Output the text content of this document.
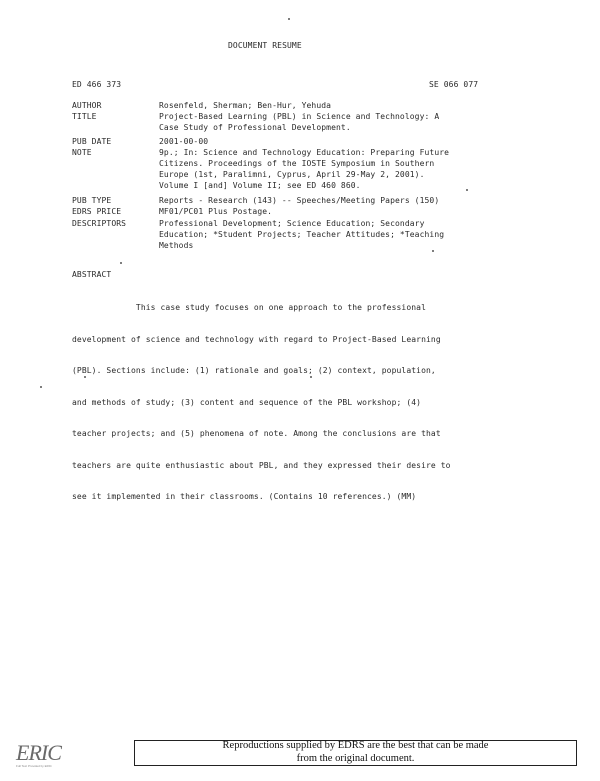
DOCUMENT RESUME
ED 466 373	SE 066 077
AUTHOR	Rosenfeld, Sherman; Ben-Hur, Yehuda
TITLE	Project-Based Learning (PBL) in Science and Technology: A
Case Study of Professional Development.
PUB DATE	2001-00-00
NOTE	9p.; In: Science and Technology Education: Preparing Future
Citizens. Proceedings of the IOSTE Symposium in Southern
Europe (1st, Paralimni, Cyprus, April 29-May 2, 2001).
Volume I [and] Volume II; see ED 460 860.
PUB TYPE	Reports - Research (143) -- Speeches/Meeting Papers (150)
EDRS PRICE	MF01/PC01 Plus Postage.
DESCRIPTORS	Professional Development; Science Education; Secondary
Education; *Student Projects; Teacher Attitudes; *Teaching
Methods
ABSTRACT

This case study focuses on one approach to the professional

development of science and technology with regard to Project-Based Learning

(PBL). Sections include: (1) rationale and goals; (2) context, population,

and methods of study; (3) content and sequence of the PBL workshop; (4)

teacher projects; and (5) phenomena of note. Among the conclusions are that

teachers are quite enthusiastic about PBL, and they expressed their desire to

see it implemented in their classrooms. (Contains 10 references.) (MM)

ERIC
Full Text Provided by ERIC
Reproductions supplied by EDRS are the best that can be made
from the original document.
